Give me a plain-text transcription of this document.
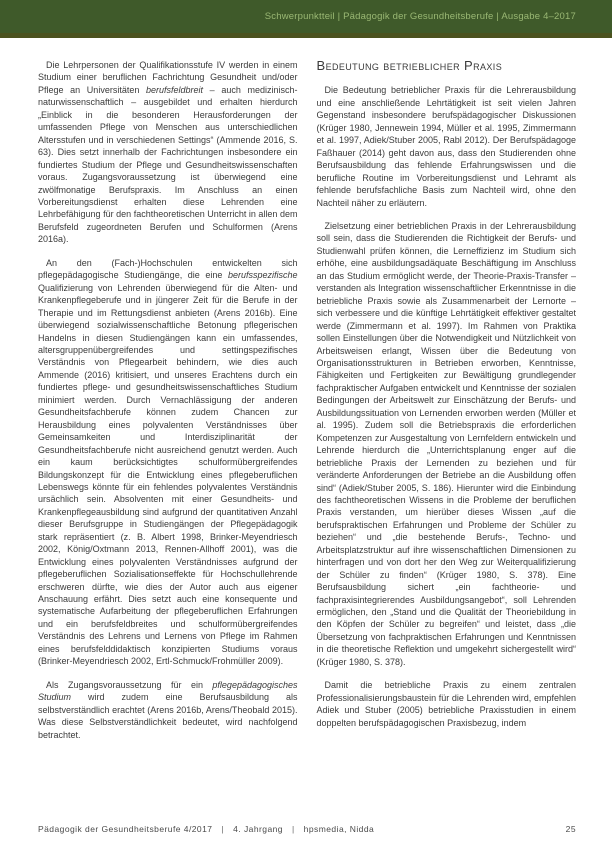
Schwerpunktteil | Pädagogik der Gesundheitsberufe | Ausgabe 4–2017

Die Lehrpersonen der Qualifikationsstufe IV werden in einem Studium einer beruflichen Fachrichtung Gesundheit und/oder Pflege an Universitäten berufsfeldbreit – auch medizinisch-naturwissenschaftlich – ausgebildet und erhalten hierdurch „Einblick in die besonderen Herausforderungen der umfassenden Pflege von Menschen aus unterschiedlichen Altersstufen und in verschiedenen Settings“ (Ammende 2016, S. 63). Dies setzt innerhalb der Fachrichtungen insbesondere ein fundiertes Studium der Pflege und Gesundheitswissenschaften voraus. Zugangsvoraussetzung ist überwiegend eine zwölfmonatige Berufspraxis. Im Anschluss an einen Vorbereitungsdienst erhalten diese Lehrenden eine Lehrbefähigung für den fachtheoretischen Unterricht in allen dem Berufsfeld zugeordneten Berufen und Schulformen (Arens 2016a).

An den (Fach-)Hochschulen entwickelten sich pflegepädagogische Studiengänge, die eine berufsspezifische Qualifizierung von Lehrenden überwiegend für die Alten- und Krankenpflegeberufe und in jüngerer Zeit für die Berufe in der Therapie und im Rettungsdienst anbieten (Arens 2016b). Eine überwiegend sozialwissenschaftliche Betonung pflegerischen Handelns in diesen Studiengängen kann ein umfassendes, altersgruppenübergreifendes und settingspezifisches Verständnis von Pflegearbeit behindern, wie dies auch Ammende (2016) kritisiert, und unseres Erachtens durch ein fundiertes pflege- und gesundheitswissenschaftliches Studium minimiert werden. Durch Vernachlässigung der anderen Gesundheitsfachberufe können zudem Chancen zur Herausbildung eines polyvalenten Verständnisses über Gemeinsamkeiten und Interdisziplinarität der Gesundheitsfachberufe nicht ausreichend genutzt werden. Auch ein kaum berücksichtigtes schulformübergreifendes Bildungskonzept für die Entwicklung eines pflegeberuflichen Lebenswegs könnte für ein fehlendes polyvalentes Verständnis ursächlich sein. Absolventen mit einer Gesundheits- und Krankenpflegeausbildung sind aufgrund der quantitativen Anzahl dieser Berufsgruppe in Studiengängen der Pflegepädagogik stark repräsentiert (z. B. Albert 1998, Brinker-Meyendriesch 2002, König/Oxtmann 2013, Rennen-Allhoff 2001), was die Entwicklung eines polyvalenten Verständnisses aufgrund der pflegeberuflichen Sozialisationseffekte für Hochschullehrende erschweren dürfte, wie dies der Autor auch aus eigener Anschauung erfährt. Dies setzt auch eine konsequente und systematische Aufarbeitung der pflegeberuflichen Erfahrungen und ein berufsfeldbreites und schulformübergreifendes Verständnis des Lehrens und Lernens von Pflege im Rahmen eines berufsfelddidaktisch konzipierten Studiums voraus (Brinker-Meyendriesch 2002, Ertl-Schmuck/Frohmüller 2009).

Als Zugangsvoraussetzung für ein pflegepädagogisches Studium wird zudem eine Berufsausbildung als selbstverständlich erachtet (Arens 2016b, Arens/Theobald 2015). Was diese Selbstverständlichkeit bedeutet, wird nachfolgend betrachtet.

Bedeutung betrieblicher Praxis

Die Bedeutung betrieblicher Praxis für die Lehrerausbildung und eine anschließende Lehrtätigkeit ist seit vielen Jahren Gegenstand insbesondere berufspädagogischer Diskussionen (Krüger 1980, Jennewein 1994, Müller et al. 1995, Zimmermann et al. 1997, Adiek/Stuber 2005, Rabl 2012). Der Berufspädagoge Faßhauer (2014) geht davon aus, dass den Studierenden ohne Berufsausbildung das fehlende Erfahrungswissen und die berufliche Routine im Vorbereitungsdienst und Lehramt als fehlende berufsfachliche Basis zum Nachteil wird, ohne den Nachteil näher zu erläutern.

Zielsetzung einer betrieblichen Praxis in der Lehrerausbildung soll sein, dass die Studierenden die Richtigkeit der Berufs- und Studienwahl prüfen können, die Lerneffizienz im Studium sich erhöhe, eine ausbildungsadäquate Beschäftigung im Anschluss an das Studium ermöglicht werde, der Theorie-Praxis-Transfer – verstanden als Integration wissenschaftlicher Erkenntnisse in die betriebliche Praxis sowie als Zusammenarbeit der Lernorte – sich verbessere und die künftige Lehrtätigkeit effektiver gestaltet werde (Zimmermann et al. 1997). Im Rahmen von Praktika sollen Einstellungen über die Notwendigkeit und Nützlichkeit von Arbeitsweisen erlangt, Wissen über die Bedeutung von Organisationsstrukturen in Betrieben erworben, Kenntnisse, Fähigkeiten und Fertigkeiten zur Bewältigung grundlegender fachpraktischer Aufgaben entwickelt und Kenntnisse der sozialen Bedingungen der Arbeitswelt zur Einschätzung der Berufs- und Ausbildungssituation von Lernenden erworben werden (Müller et al. 1995). Zudem soll die Betriebspraxis die erforderlichen Kompetenzen zur Ausgestaltung von Lernfeldern entwickeln und Lehrende hierdurch die „Unterrichtsplanung enger auf die betriebliche Praxis der Lernenden zu beziehen und für veränderte Anforderungen der Betriebe an die Ausbildung offen sind“ (Adiek/Stuber 2005, S. 186). Hierunter wird die Einbindung des fachtheoretischen Wissens in die Probleme der beruflichen Praxis verstanden, um hierüber dieses Wissen „auf die berufspraktischen Erfahrungen und Probleme der Schüler zu beziehen“ und „die bestehende Berufs-, Techno- und Arbeitsplatzstruktur auf ihre wissenschaftlichen Dimensionen zu hinterfragen und von dort her den Weg zur Weiterqualifizierung der Schüler zu finden“ (Krüger 1980, S. 378). Eine Berufsausbildung sichert „ein fachtheorie- und fachpraxisintegrierendes Ausbildungsangebot“, soll Lehrenden ermöglichen, den „Stand und die Qualität der Theoriebildung in den Köpfen der Schüler zu begreifen“ und leistet, dass „die Übersetzung von fachpraktischen Erfahrungen und Kenntnissen in die theoretische Reflektion und umgekehrt sichergestellt wird“ (Krüger 1980, S. 378).

Damit die betriebliche Praxis zu einem zentralen Professionalisierungsbaustein für die Lehrenden wird, empfehlen Adiek und Stuber (2005) betriebliche Praxisstudien in einem doppelten berufspädagogischen Praxisbezug, indem

Pädagogik der Gesundheitsberufe 4/2017 | 4. Jahrgang | hpsmedia, Nidda	25
